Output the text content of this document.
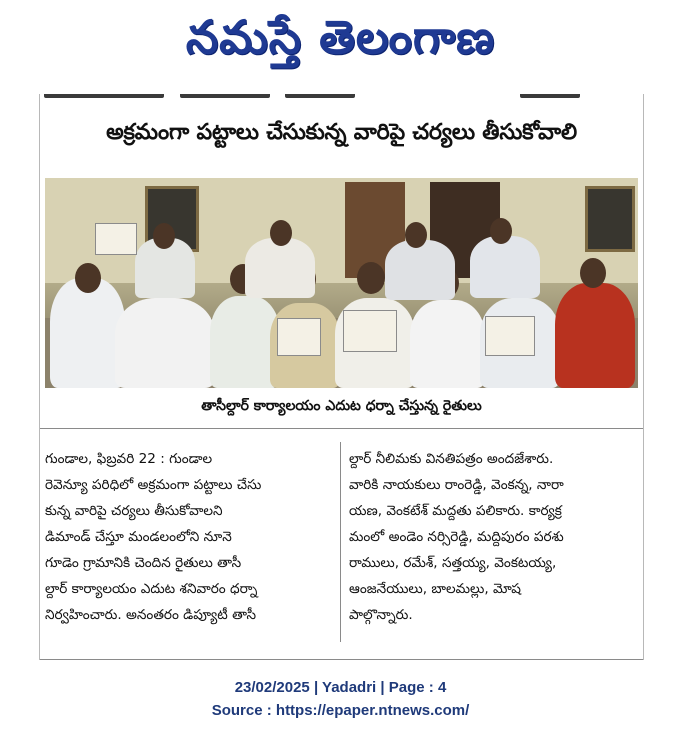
నమస్తే తెలంగాణ
అక్రమంగా పట్టాలు చేసుకున్న వారిపై చర్యలు తీసుకోవాలి
తాసీల్దార్ కార్యాలయం ఎదుట ధర్నా చేస్తున్న రైతులు
గుండాల, ఫిబ్రవరి 22 : గుండాల
రెవెన్యూ పరిధిలో అక్రమంగా పట్టాలు చేసు
కున్న వారిపై చర్యలు తీసుకోవాలని
డిమాండ్ చేస్తూ మండలంలోని నూనె
గూడెం గ్రామానికి చెందిన రైతులు తాసీ
ల్దార్ కార్యాలయం ఎదుట శనివారం ధర్నా
నిర్వహించారు. అనంతరం డిప్యూటీ తాసీ
ల్దార్ నీలిమకు వినతిపత్రం అందజేశారు.
వారికి నాయకులు రాంరెడ్డి, వెంకన్న, నారా
యణ, వెంకటేశ్ మద్దతు పలికారు. కార్యక్ర
మంలో అండెం నర్సిరెడ్డి, మద్దిపురం పరశు
రాములు, రమేశ్, సత్తయ్య, వెంకటయ్య,
ఆంజనేయులు, బాలమల్లు, మోష
పాల్గొన్నారు.
23/02/2025 | Yadadri | Page : 4
Source : https://epaper.ntnews.com/
